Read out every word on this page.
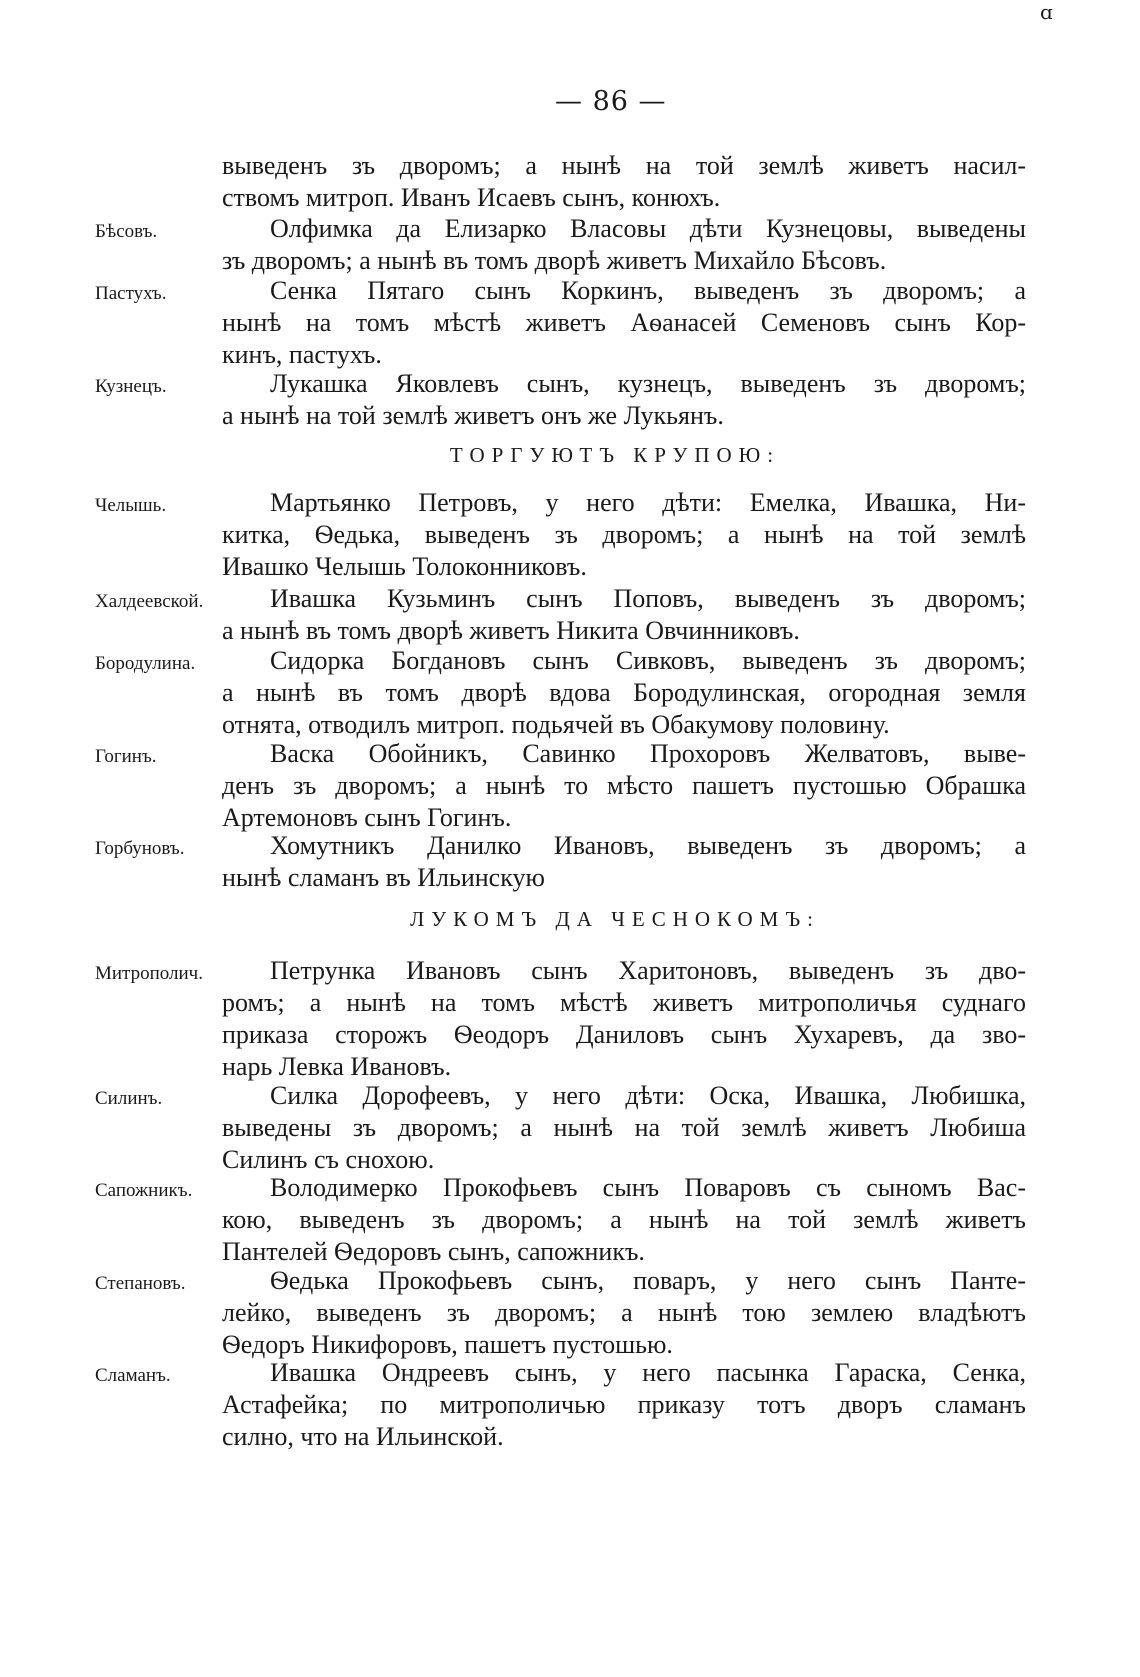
— 86 —
ɑ
выведенъ зъ дворомъ; а нынѣ на той землѣ живетъ насил-
ствомъ митроп. Иванъ Исаевъ сынъ, конюхъ.
Бѣсовъ.	Олфимка да Елизарко Власовы дѣти Кузнецовы, выведены
зъ дворомъ; а нынѣ въ томъ дворѣ живетъ Михайло Бѣсовъ.
Пастухъ.	Сенка Пятаго сынъ Коркинъ, выведенъ зъ дворомъ; а
нынѣ на томъ мѣстѣ живетъ Аѳанасей Семеновъ сынъ Кор-
кинъ, пастухъ.
Кузнецъ.	Лукашка Яковлевъ сынъ, кузнецъ, выведенъ зъ дворомъ;
а нынѣ на той землѣ живетъ онъ же Лукьянъ.
ТОРГУЮТЪ КРУПОЮ:
Челышь.	Мартьянко Петровъ, у него дѣти: Емелка, Ивашка, Ни-
китка, Ѳедька, выведенъ зъ дворомъ; а нынѣ на той землѣ
Ивашко Челышь Толоконниковъ.
Халдеевской.	Ивашка Кузьминъ сынъ Поповъ, выведенъ зъ дворомъ;
а нынѣ въ томъ дворѣ живетъ Никита Овчинниковъ.
Бородулина.	Сидорка Богдановъ сынъ Сивковъ, выведенъ зъ дворомъ;
а нынѣ въ томъ дворѣ вдова Бородулинская, огородная земля
отнята, отводилъ митроп. подьячей въ Обакумову половину.
Гогинъ.	Васка Обойникъ, Савинко Прохоровъ Желватовъ, выве-
денъ зъ дворомъ; а нынѣ то мѣсто пашетъ пустошью Обрашка
Артемоновъ сынъ Гогинъ.
Горбуновъ.	Хомутникъ Данилко Ивановъ, выведенъ зъ дворомъ; а
нынѣ сламанъ въ Ильинскую
ЛУКОМЪ ДА ЧЕСНОКОМЪ:
Митрополич.	Петрунка Ивановъ сынъ Харитоновъ, выведенъ зъ дво-
ромъ; а нынѣ на томъ мѣстѣ живетъ митрополичья суднаго
приказа сторожъ Ѳеодоръ Даниловъ сынъ Хухаревъ, да зво-
нарь Левка Ивановъ.
Силинъ.	Силка Дорофеевъ, у него дѣти: Оска, Ивашка, Любишка,
выведены зъ дворомъ; а нынѣ на той землѣ живетъ Любиша
Силинъ съ снохою.
Сапожникъ.	Володимерко Прокофьевъ сынъ Поваровъ съ сыномъ Вас-
кою, выведенъ зъ дворомъ; а нынѣ на той землѣ живетъ
Пантелей Ѳедоровъ сынъ, сапожникъ.
Степановъ.	Ѳедька Прокофьевъ сынъ, поваръ, у него сынъ Панте-
лейко, выведенъ зъ дворомъ; а нынѣ тою землею владѣютъ
Ѳедоръ Никифоровъ, пашетъ пустошью.
Сламанъ.	Ивашка Ондреевъ сынъ, у него пасынка Гараска, Сенка,
Астафейка; по митрополичью приказу тотъ дворъ сламанъ
силно, что на Ильинской.
